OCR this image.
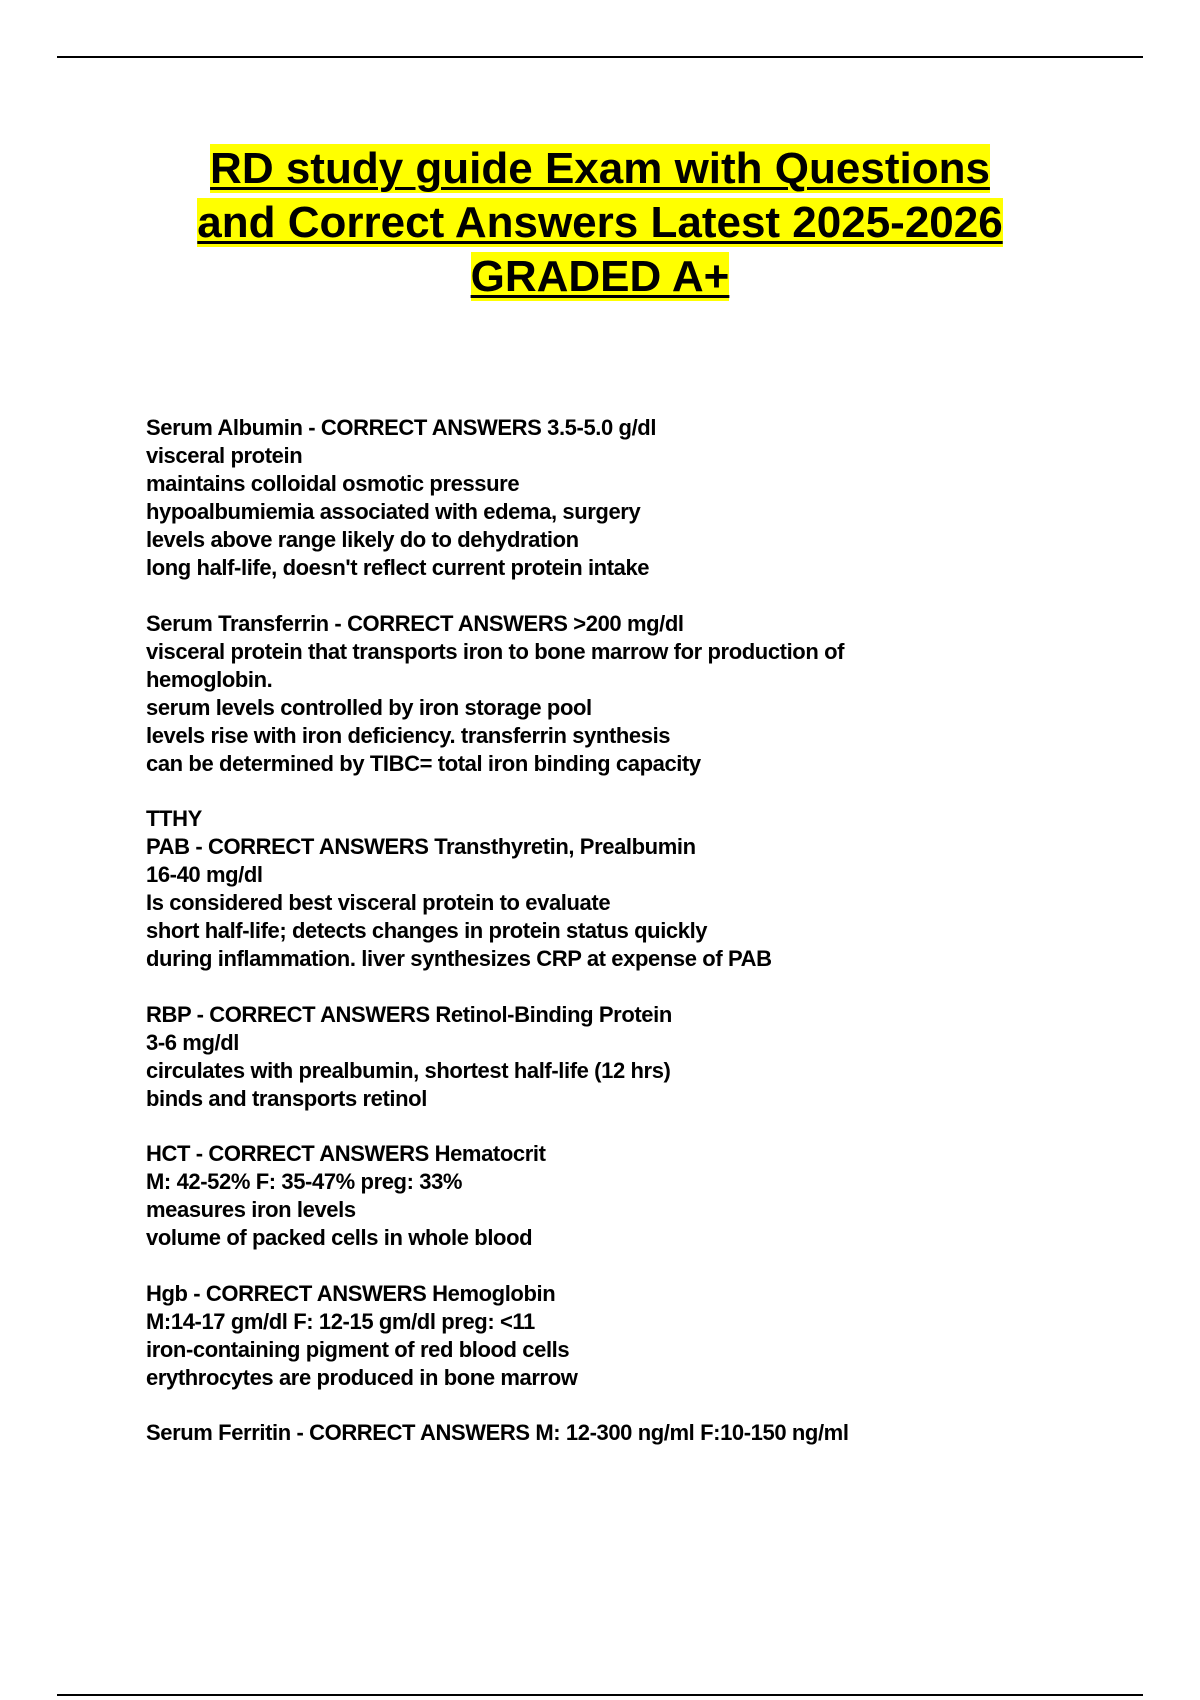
RD study guide Exam with Questions
and Correct Answers Latest 2025-2026
GRADED A+
Serum Albumin - CORRECT ANSWERS 3.5-5.0 g/dl
visceral protein
maintains colloidal osmotic pressure
hypoalbumiemia associated with edema, surgery
levels above range likely do to dehydration
long half-life, doesn't reflect current protein intake
Serum Transferrin - CORRECT ANSWERS >200 mg/dl
visceral protein that transports iron to bone marrow for production of
hemoglobin.
serum levels controlled by iron storage pool
levels rise with iron deficiency. transferrin synthesis
can be determined by TIBC= total iron binding capacity
TTHY
PAB - CORRECT ANSWERS Transthyretin, Prealbumin
16-40 mg/dl
Is considered best visceral protein to evaluate
short half-life; detects changes in protein status quickly
during inflammation. liver synthesizes CRP at expense of PAB
RBP - CORRECT ANSWERS Retinol-Binding Protein
3-6 mg/dl
circulates with prealbumin, shortest half-life (12 hrs)
binds and transports retinol
HCT - CORRECT ANSWERS Hematocrit
M: 42-52% F: 35-47% preg: 33%
measures iron levels
volume of packed cells in whole blood
Hgb - CORRECT ANSWERS Hemoglobin
M:14-17 gm/dl F: 12-15 gm/dl preg: <11
iron-containing pigment of red blood cells
erythrocytes are produced in bone marrow
Serum Ferritin - CORRECT ANSWERS M: 12-300 ng/ml F:10-150 ng/ml
